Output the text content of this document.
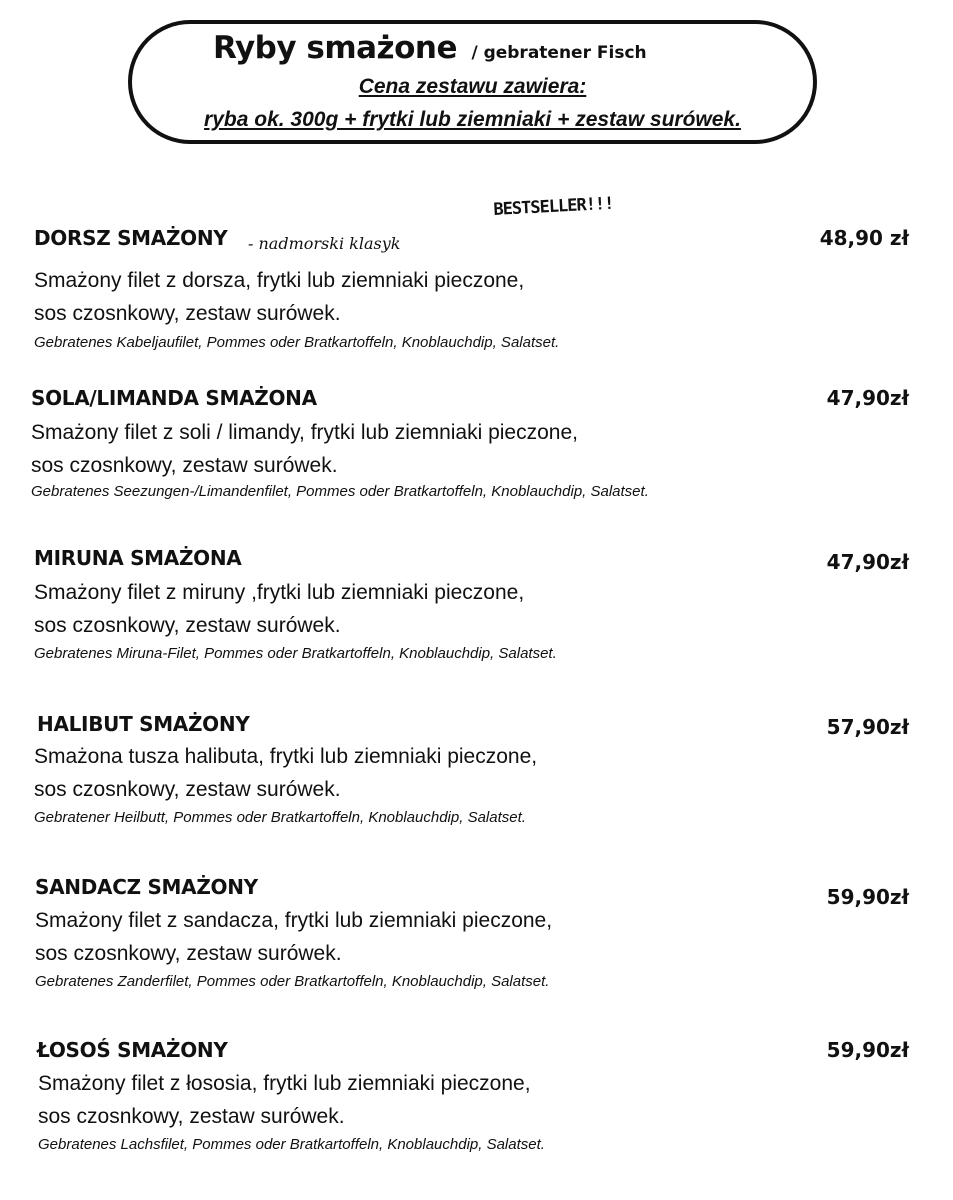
Ryby smażone / gebratener Fisch
Cena zestawu zawiera:
ryba ok. 300g + frytki lub ziemniaki + zestaw surówek.
DORSZ SMAŻONY - nadmorski klasyk
BESTSELLER!!!
48,90 zł
Smażony filet z dorsza, frytki lub ziemniaki pieczone,
sos czosnkowy, zestaw surówek.
Gebratenes Kabeljaufilet, Pommes oder Bratkartoffeln, Knoblauchdip, Salatset.
SOLA/LIMANDA SMAŻONA	47,90zł
Smażony filet z soli / limandy, frytki lub ziemniaki pieczone,
sos czosnkowy, zestaw surówek.
Gebratenes Seezungen-/Limandenfilet, Pommes oder Bratkartoffeln, Knoblauchdip, Salatset.
MIRUNA SMAŻONA	47,90zł
Smażony filet z miruny ,frytki lub ziemniaki pieczone,
sos czosnkowy, zestaw surówek.
Gebratenes Miruna-Filet, Pommes oder Bratkartoffeln, Knoblauchdip, Salatset.
HALIBUT SMAŻONY	57,90zł
Smażona tusza halibuta, frytki lub ziemniaki pieczone,
sos czosnkowy, zestaw surówek.
Gebratener Heilbutt, Pommes oder Bratkartoffeln, Knoblauchdip, Salatset.
SANDACZ SMAŻONY	59,90zł
Smażony filet z sandacza, frytki lub ziemniaki pieczone,
sos czosnkowy, zestaw surówek.
Gebratenes Zanderfilet, Pommes oder Bratkartoffeln, Knoblauchdip, Salatset.
ŁOSOŚ SMAŻONY	59,90zł
Smażony filet z łososia, frytki lub ziemniaki pieczone,
sos czosnkowy, zestaw surówek.
Gebratenes Lachsfilet, Pommes oder Bratkartoffeln, Knoblauchdip, Salatset.
